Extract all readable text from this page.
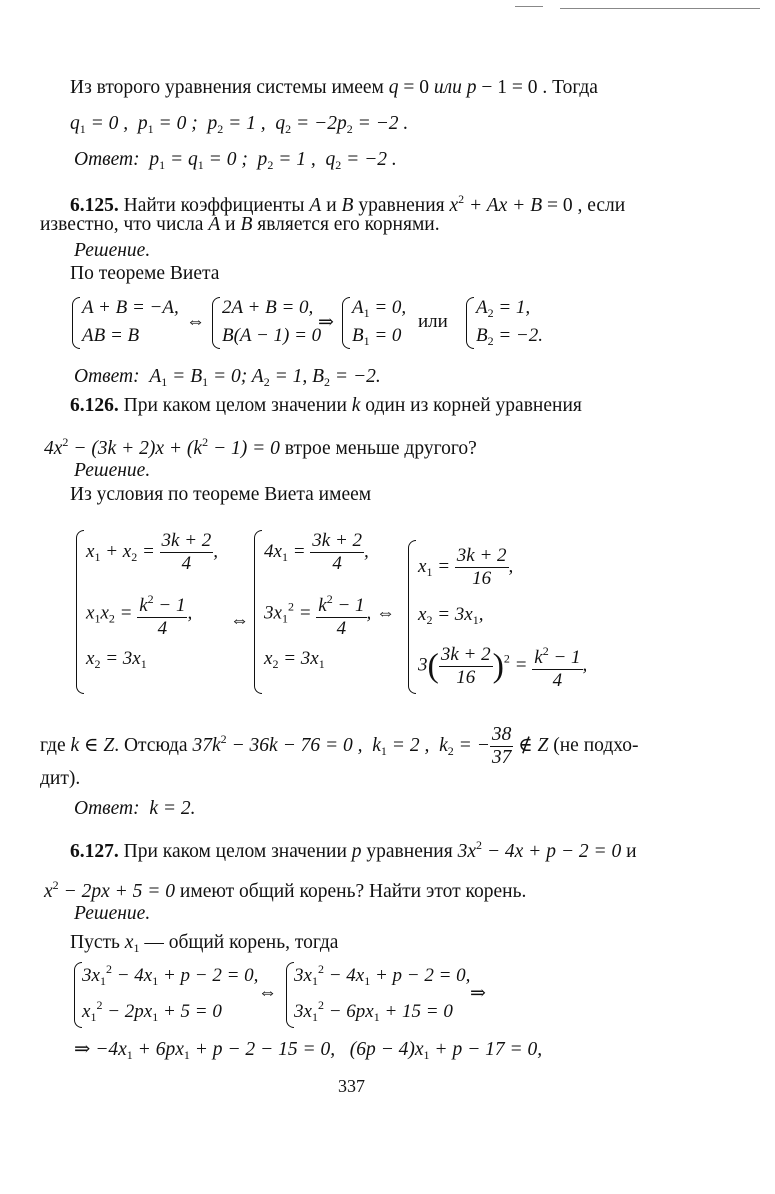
Из второго уравнения системы имеем q = 0 или p − 1 = 0 . Тогда
$q_1 = 0$ ,  $p_1 = 0$ ;  $p_2 = 1$ ,  $q_2 = -2p_2 = -2$ .
Ответ:  $p_1 = q_1 = 0$ ;  $p_2 = 1$ ,  $q_2 = -2$ .
6.125. Найти коэффициенты A и B уравнения $x^2 + Ax + B = 0$ , если
известно, что числа A и B является его корнями.
Решение.
По теореме Виета
A + B = −A,
AB = B
⇔
2A + B = 0,
B(A − 1) = 0
⇒
$A_1 = 0$,
$B_1 = 0$
или
$A_2 = 1$,
$B_2 = -2$.
Ответ:  $A_1 = B_1 = 0$; $A_2 = 1$, $B_2 = -2$.
6.126. При каком целом значении k один из корней уравнения
$4x^2 - (3k + 2)x + (k^2 - 1) = 0$ втрое меньше другого?
Решение.
Из условия по теореме Виета имеем
$x_1 + x_2 = \frac{3k + 2}{4}$ ,
$x_1x_2 = \frac{k^2 - 1}{4}$ ,
$x_2 = 3x_1$
⇔
$4x_1 = \frac{3k + 2}{4}$ ,
$3x_1^2 = \frac{k^2 - 1}{4}$ , ⇔
$x_2 = 3x_1$
$x_1 = \frac{3k + 2}{16}$ ,
$x_2 = 3x_1$,
$3( \frac{3k + 2}{16} )^2 = \frac{k^2 - 1}{4}$ ,
где k ∈ Z. Отсюда $37k^2 - 36k - 76 = 0$ ,  $k_1 = 2$ ,  $k_2$ = − $\frac{38}{37}$ ∉ Z (не подхо-
дит).
Ответ:  k = 2.
6.127. При каком целом значении p уравнения $3x^2 - 4x + p - 2 = 0$ и
$x^2 - 2px + 5 = 0$ имеют общий корень? Найти этот корень.
Решение.
Пусть $x_1$ — общий корень, тогда
$3x_1^2 - 4x_1 + p - 2 = 0$,
$x_1^2 - 2px_1 + 5 = 0$
⇔
$3x_1^2 - 4x_1 + p - 2 = 0$,
$3x_1^2 - 6px_1 + 15 = 0$
⇒
⇒ $-4x_1 + 6px_1 + p - 2 - 15 = 0$,   $(6p - 4)x_1 + p - 17 = 0$,
337
